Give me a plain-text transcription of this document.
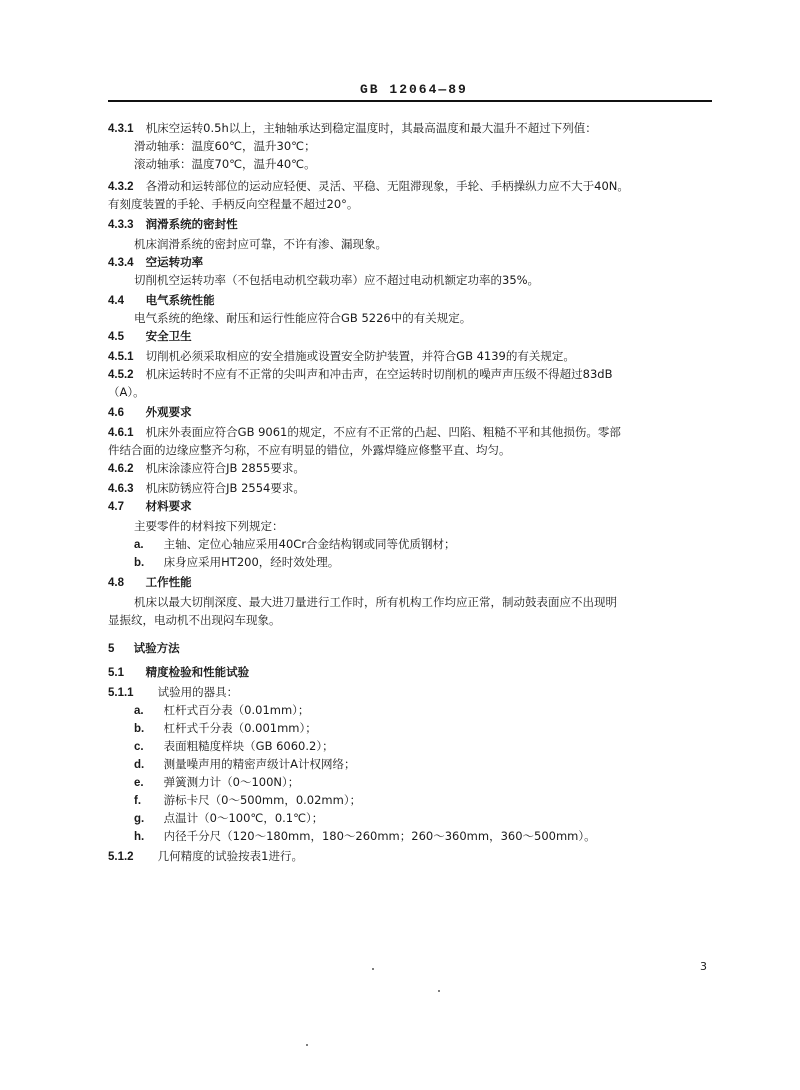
GB 12064—89
4.3.1 机床空运转0.5h以上，主轴轴承达到稳定温度时，其最高温度和最大温升不超过下列值：
滑动轴承：温度60℃，温升30℃；
滚动轴承：温度70℃，温升40℃。
4.3.2 各滑动和运转部位的运动应轻便、灵活、平稳、无阻滞现象，手轮、手柄操纵力应不大于40N。
有刻度装置的手轮、手柄反向空程量不超过20°。
4.3.3 润滑系统的密封性
机床润滑系统的密封应可靠，不许有渗、漏现象。
4.3.4 空运转功率
切削机空运转功率（不包括电动机空载功率）应不超过电动机额定功率的35%。
4.4 电气系统性能
电气系统的绝缘、耐压和运行性能应符合GB 5226中的有关规定。
4.5 安全卫生
4.5.1 切削机必须采取相应的安全措施或设置安全防护装置，并符合GB 4139的有关规定。
4.5.2 机床运转时不应有不正常的尖叫声和冲击声，在空运转时切削机的噪声声压级不得超过83dB
（A）。
4.6 外观要求
4.6.1 机床外表面应符合GB 9061的规定，不应有不正常的凸起、凹陷、粗糙不平和其他损伤。零部
件结合面的边缘应整齐匀称，不应有明显的错位，外露焊缝应修整平直、均匀。
4.6.2 机床涂漆应符合JB 2855要求。
4.6.3 机床防锈应符合JB 2554要求。
4.7 材料要求
主要零件的材料按下列规定：
a. 主轴、定位心轴应采用40Cr合金结构钢或同等优质钢材；
b. 床身应采用HT200，经时效处理。
4.8 工作性能
机床以最大切削深度、最大进刀量进行工作时，所有机构工作均应正常，制动鼓表面应不出现明
显振纹，电动机不出现闷车现象。
5 试验方法
5.1 精度检验和性能试验
5.1.1 试验用的器具：
a. 杠杆式百分表（0.01mm）；
b. 杠杆式千分表（0.001mm）；
c. 表面粗糙度样块（GB 6060.2）；
d. 测量噪声用的精密声级计A计权网络；
e. 弹簧测力计（0～100N）；
f. 游标卡尺（0～500mm，0.02mm）；
g. 点温计（0～100℃，0.1℃）；
h. 内径千分尺（120～180mm，180～260mm；260～360mm，360～500mm）。
5.1.2 几何精度的试验按表1进行。
3
